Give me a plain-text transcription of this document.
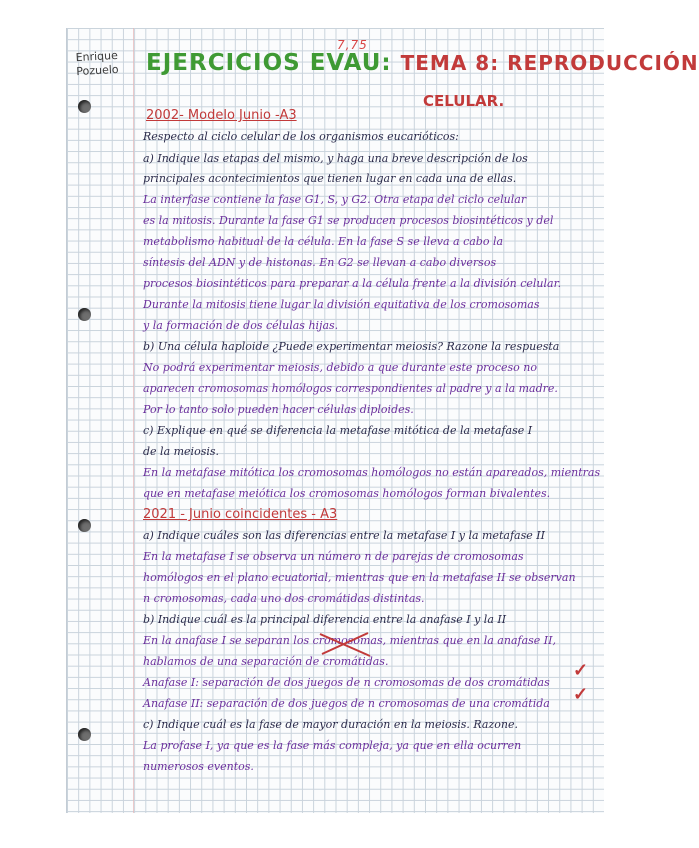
Enrique
Pozuelo EJERCICIOS EVAU:
7,75
TEMA 8: REPRODUCCIÓN
CELULAR.
2002- Modelo Junio -A3
Respecto al ciclo celular de los organismos eucarióticos:
a) Indique las etapas del mismo, y haga una breve descripción de los
principales acontecimientos que tienen lugar en cada una de ellas.
La interfase contiene la fase G1, S, y G2. Otra etapa del ciclo celular
es la mitosis. Durante la fase G1 se producen procesos biosintéticos y del
metabolismo habitual de la célula. En la fase S se lleva a cabo la
síntesis del ADN y de histonas. En G2 se llevan a cabo diversos
procesos biosintéticos para preparar a la célula frente a la división celular.
Durante la mitosis tiene lugar la división equitativa de los cromosomas
y la formación de dos células hijas.
b) Una célula haploide ¿Puede experimentar meiosis? Razone la respuesta
No podrá experimentar meiosis, debido a que durante este proceso no
aparecen cromosomas homólogos correspondientes al padre y a la madre.
Por lo tanto solo pueden hacer células diploides.
c) Explique en qué se diferencia la metafase mitótica de la metafase I
de la meiosis.
En la metafase mitótica los cromosomas homólogos no están apareados, mientras
que en metafase meiótica los cromosomas homólogos forman bivalentes.
2021 - Junio coincidentes - A3
a) Indique cuáles son las diferencias entre la metafase I y la metafase II
En la metafase I se observa un número n de parejas de cromosomas
homólogos en el plano ecuatorial, mientras que en la metafase II se observan
n cromosomas, cada uno dos cromátidas distintas.
b) Indique cuál es la principal diferencia entre la anafase I y la II
En la anafase I se separan los cromosomas, mientras que en la anafase II,
hablamos de una separación de cromátidas.
Anafase I: separación de dos juegos de n cromosomas de dos cromátidas
Anafase II: separación de dos juegos de n cromosomas de una cromátida
c) Indique cuál es la fase de mayor duración en la meiosis. Razone.
La profase I, ya que es la fase más compleja, ya que en ella ocurren
numerosos eventos.
✓
✓
